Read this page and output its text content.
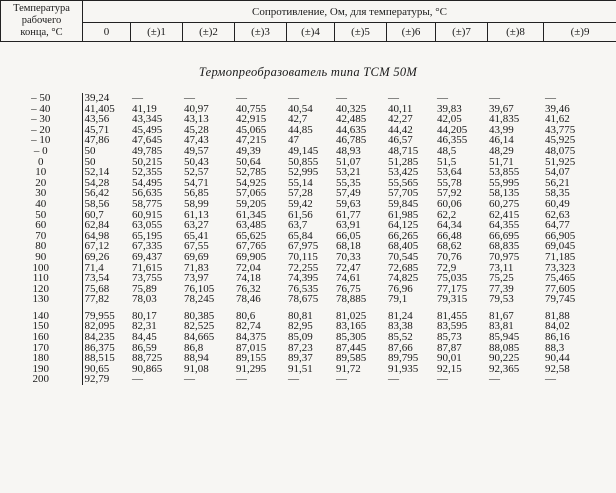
Температура
рабочего
конца, °С	Сопротивление, Ом, для температуры, °С									
	0	(±)1	(±)2	(±)3	(±)4	(±)5	(±)6	(±)7	(±)8	(±)9
Термопреобразователь типа ТСМ 50М
– 50	39,24	—	—	—	—	—	—	—	—	—
– 40	41,405	41,19	40,97	40,755	40,54	40,325	40,11	39,83	39,67	39,46
– 30	43,56	43,345	43,13	42,915	42,7	42,485	42,27	42,05	41,835	41,62
– 20	45,71	45,495	45,28	45,065	44,85	44,635	44,42	44,205	43,99	43,775
– 10	47,86	47,645	47,43	47,215	47	46,785	46,57	46,355	46,14	45,925
– 0	50	49,785	49,57	49,39	49,145	48,93	48,715	48,5	48,29	48,075
0	50	50,215	50,43	50,64	50,855	51,07	51,285	51,5	51,71	51,925
10	52,14	52,355	52,57	52,785	52,995	53,21	53,425	53,64	53,855	54,07
20	54,28	54,495	54,71	54,925	55,14	55,35	55,565	55,78	55,995	56,21
30	56,42	56,635	56,85	57,065	57,28	57,49	57,705	57,92	58,135	58,35
40	58,56	58,775	58,99	59,205	59,42	59,63	59,845	60,06	60,275	60,49
50	60,7	60,915	61,13	61,345	61,56	61,77	61,985	62,2	62,415	62,63
60	62,84	63,055	63,27	63,485	63,7	63,91	64,125	64,34	64,355	64,77
70	64,98	65,195	65,41	65,625	65,84	66,05	66,265	66,48	66,695	66,905
80	67,12	67,335	67,55	67,765	67,975	68,18	68,405	68,62	68,835	69,045
90	69,26	69,437	69,69	69,905	70,115	70,33	70,545	70,76	70,975	71,185
100	71,4	71,615	71,83	72,04	72,255	72,47	72,685	72,9	73,11	73,323
110	73,54	73,755	73,97	74,18	74,395	74,61	74,825	75,035	75,25	75,465
120	75,68	75,89	76,105	76,32	76,535	76,75	76,96	77,175	77,39	77,605
130	77,82	78,03	78,245	78,46	78,675	78,885	79,1	79,315	79,53	79,745
140	79,955	80,17	80,385	80,6	80,81	81,025	81,24	81,455	81,67	81,88
150	82,095	82,31	82,525	82,74	82,95	83,165	83,38	83,595	83,81	84,02
160	84,235	84,45	84,665	84,375	85,09	85,305	85,52	85,73	85,945	86,16
170	86,375	86,59	86,8	87,015	87,23	87,445	87,66	87,87	88,085	88,3
180	88,515	88,725	88,94	89,155	89,37	89,585	89,795	90,01	90,225	90,44
190	90,65	90,865	91,08	91,295	91,51	91,72	91,935	92,15	92,365	92,58
200	92,79	—	—	—	—	—	—	—	—	—
